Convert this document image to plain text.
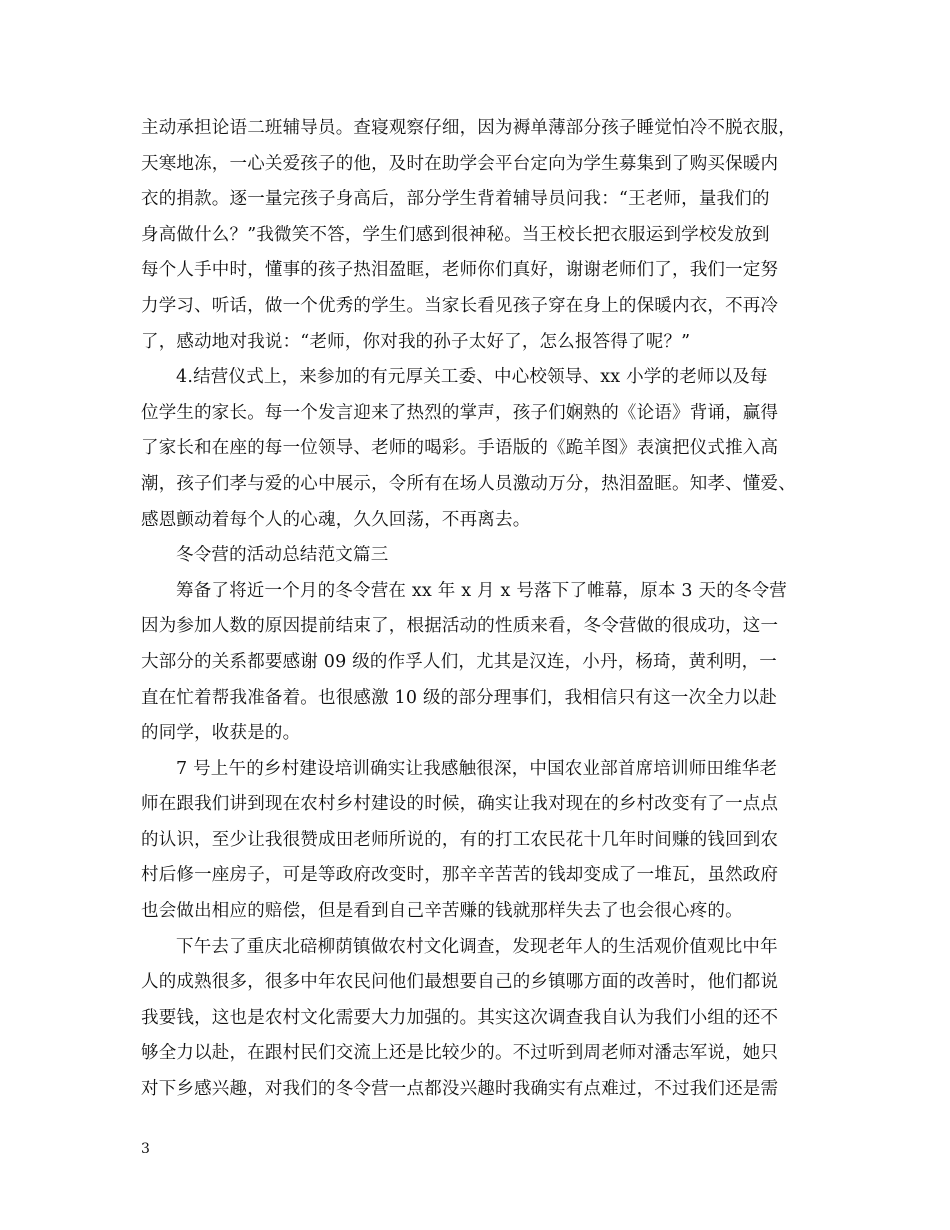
主动承担论语二班辅导员。查寝观察仔细，因为褥单薄部分孩子睡觉怕冷不脱衣服，
天寒地冻，一心关爱孩子的他，及时在助学会平台定向为学生募集到了购买保暖内
衣的捐款。逐一量完孩子身高后，部分学生背着辅导员问我：“王老师，量我们的
身高做什么？”我微笑不答，学生们感到很神秘。当王校长把衣服运到学校发放到
每个人手中时，懂事的孩子热泪盈眶，老师你们真好，谢谢老师们了，我们一定努
力学习、听话，做一个优秀的学生。当家长看见孩子穿在身上的保暖内衣，不再冷
了，感动地对我说：“老师，你对我的孙子太好了，怎么报答得了呢？”
4.结营仪式上，来参加的有元厚关工委、中心校领导、xx 小学的老师以及每
位学生的家长。每一个发言迎来了热烈的掌声，孩子们娴熟的《论语》背诵，赢得
了家长和在座的每一位领导、老师的喝彩。手语版的《跪羊图》表演把仪式推入高
潮，孩子们孝与爱的心中展示，令所有在场人员激动万分，热泪盈眶。知孝、懂爱、
感恩颤动着每个人的心魂，久久回荡，不再离去。
冬令营的活动总结范文篇三
筹备了将近一个月的冬令营在 xx 年 x 月 x 号落下了帷幕，原本 3 天的冬令营
因为参加人数的原因提前结束了，根据活动的性质来看，冬令营做的很成功，这一
大部分的关系都要感谢 09 级的作孚人们，尤其是汉连，小丹，杨琦，黄利明，一
直在忙着帮我准备着。也很感激 10 级的部分理事们，我相信只有这一次全力以赴
的同学，收获是的。
7 号上午的乡村建设培训确实让我感触很深，中国农业部首席培训师田维华老
师在跟我们讲到现在农村乡村建设的时候，确实让我对现在的乡村改变有了一点点
的认识，至少让我很赞成田老师所说的，有的打工农民花十几年时间赚的钱回到农
村后修一座房子，可是等政府改变时，那辛辛苦苦的钱却变成了一堆瓦，虽然政府
也会做出相应的赔偿，但是看到自己辛苦赚的钱就那样失去了也会很心疼的。
下午去了重庆北碚柳荫镇做农村文化调查，发现老年人的生活观价值观比中年
人的成熟很多，很多中年农民问他们最想要自己的乡镇哪方面的改善时，他们都说
我要钱，这也是农村文化需要大力加强的。其实这次调查我自认为我们小组的还不
够全力以赴，在跟村民们交流上还是比较少的。不过听到周老师对潘志军说，她只
对下乡感兴趣，对我们的冬令营一点都没兴趣时我确实有点难过，不过我们还是需
3
